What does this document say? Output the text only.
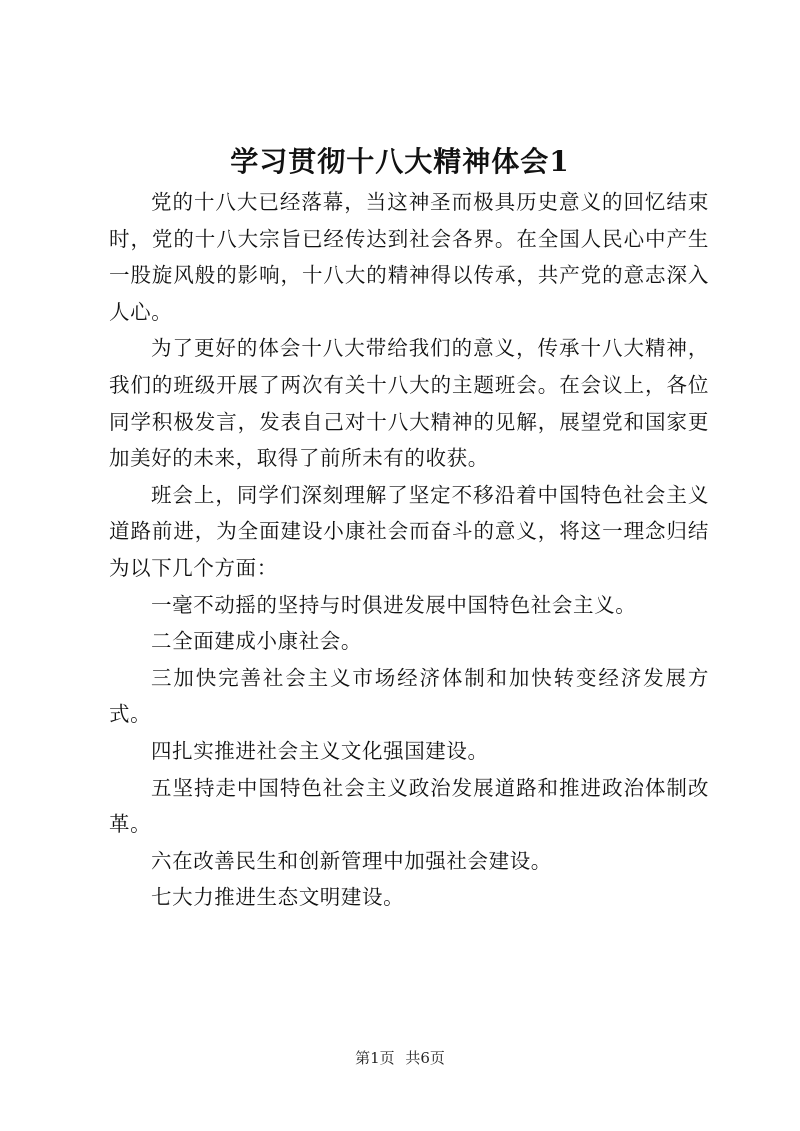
学习贯彻十八大精神体会1

党的十八大已经落幕，当这神圣而极具历史意义的回忆结束时，党的十八大宗旨已经传达到社会各界。在全国人民心中产生一股旋风般的影响，十八大的精神得以传承，共产党的意志深入人心。

为了更好的体会十八大带给我们的意义，传承十八大精神，我们的班级开展了两次有关十八大的主题班会。在会议上，各位同学积极发言，发表自己对十八大精神的见解，展望党和国家更加美好的未来，取得了前所未有的收获。

班会上，同学们深刻理解了坚定不移沿着中国特色社会主义道路前进，为全面建设小康社会而奋斗的意义，将这一理念归结为以下几个方面：

一毫不动摇的坚持与时俱进发展中国特色社会主义。

二全面建成小康社会。

三加快完善社会主义市场经济体制和加快转变经济发展方式。

四扎实推进社会主义文化强国建设。

五坚持走中国特色社会主义政治发展道路和推进政治体制改革。

六在改善民生和创新管理中加强社会建设。

七大力推进生态文明建设。

第1页 共6页
